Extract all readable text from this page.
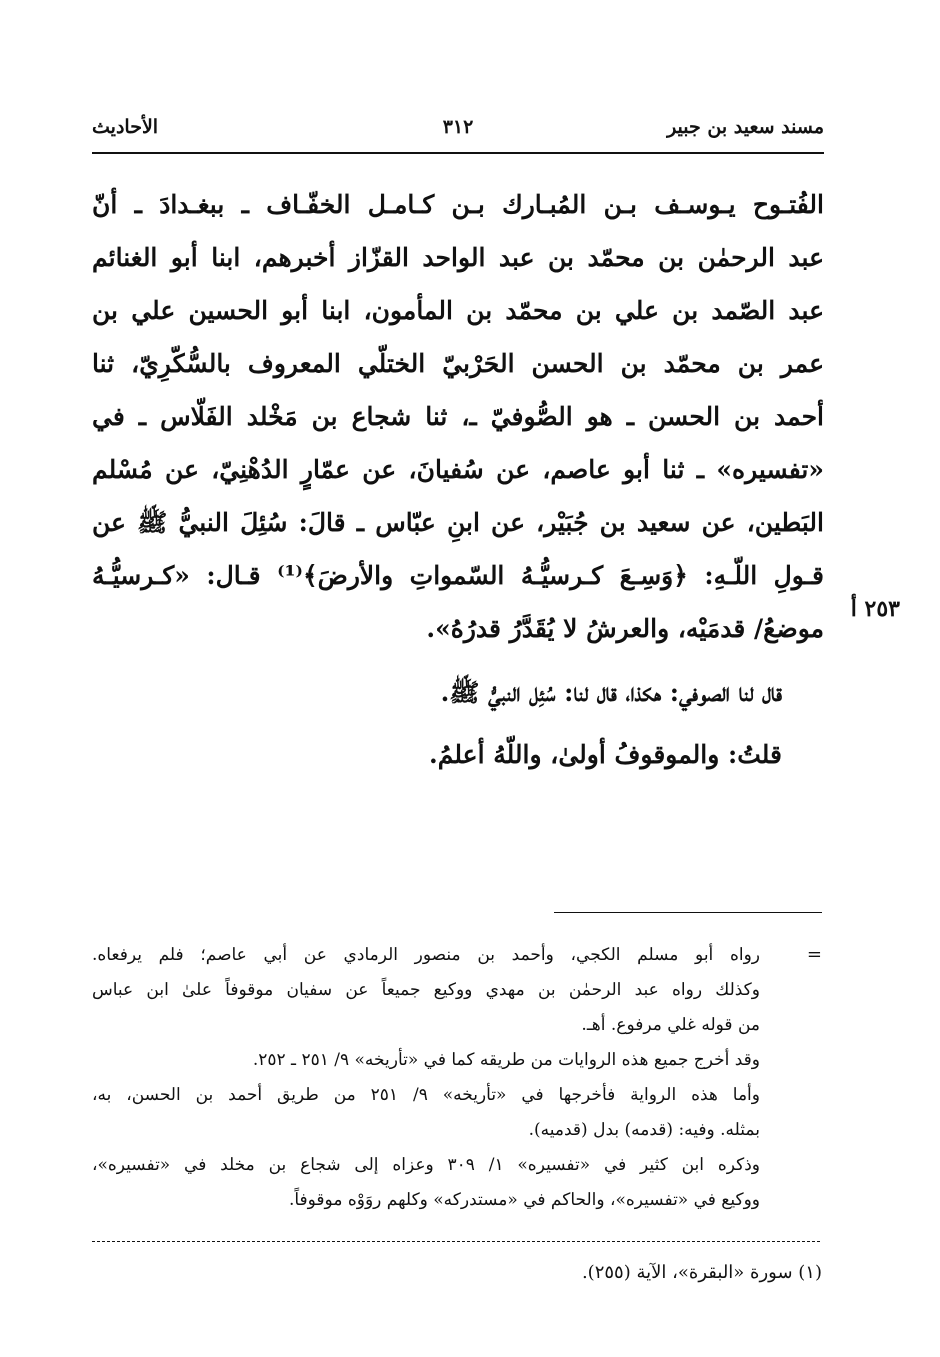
مسند سعيد بن جبير
٣١٢
الأحاديث
الفُتـوح يـوسـف بـن المُبـارك بـن كـامـل الخفّـاف ـ ببغـدادَ ـ أنّ
عبد الرحمٰن بن محمّد بن عبد الواحد القزّاز أخبرهم، ابنا أبو الغنائم
عبد الصّمد بن علي بن محمّد بن المأمون، ابنا أبو الحسين علي بن
عمر بن محمّد بن الحسن الحَرْبيّ الختلّي المعروف بالسُّكّرِيّ، ثنا
أحمد بن الحسن ـ هو الصُّوفيّ ـ، ثنا شجاع بن مَخْلد الفَلّاس ـ في
«تفسيره» ـ ثنا أبو عاصم، عن سُفيانَ، عن عمّارٍ الدُهْنِيّ، عن مُسْلم
البَطين، عن سعيد بن جُبَيْر، عن ابنِ عبّاس ـ قالَ: سُئِلَ النبيُّ ﷺ عن
قـولِ اللّـهِ: ﴿وَسِـعَ كـرسيُّـهُ السّمواتِ والأرضَ﴾⁽¹⁾ قـال: «كـرسيُّـهُ
موضعُ/ قدمَيْه، والعرشُ لا يُقَدَّرُ قدرُهُ».
٢٥٣ أ
قال لنا الصوفي: هكذا، قال لنا: سُئِل النبيُّ ﷺ.
قلتُ: والموقوفُ أولىٰ، واللّهُ أعلمُ.
=
رواه أبو مسلم الكجي، وأحمد بن منصور الرمادي عن أبي عاصم؛ فلم يرفعاه.
وكذلك رواه عبد الرحمٰن بن مهدي ووكيع جميعاً عن سفيان موقوفاً علىٰ ابن عباس
من قوله غلي مرفوع. أهـ.
وقد أخرج جميع هذه الروايات من طريقه كما في «تأريخه» ٩/ ٢٥١ ـ ٢٥٢.
وأما هذه الرواية فأخرجها في «تأريخه» ٩/ ٢٥١ من طريق أحمد بن الحسن، به،
بمثله. وفيه: (قدمه) بدل (قدميه).
وذكره ابن كثير في «تفسيره» ١/ ٣٠٩ وعزاه إلى شجاع بن مخلد في «تفسيره»،
ووكيع في «تفسيره»، والحاكم في «مستدركه» وكلهم روَوْه موقوفاً.
(١) سورة «البقرة»، الآية (٢٥٥).
